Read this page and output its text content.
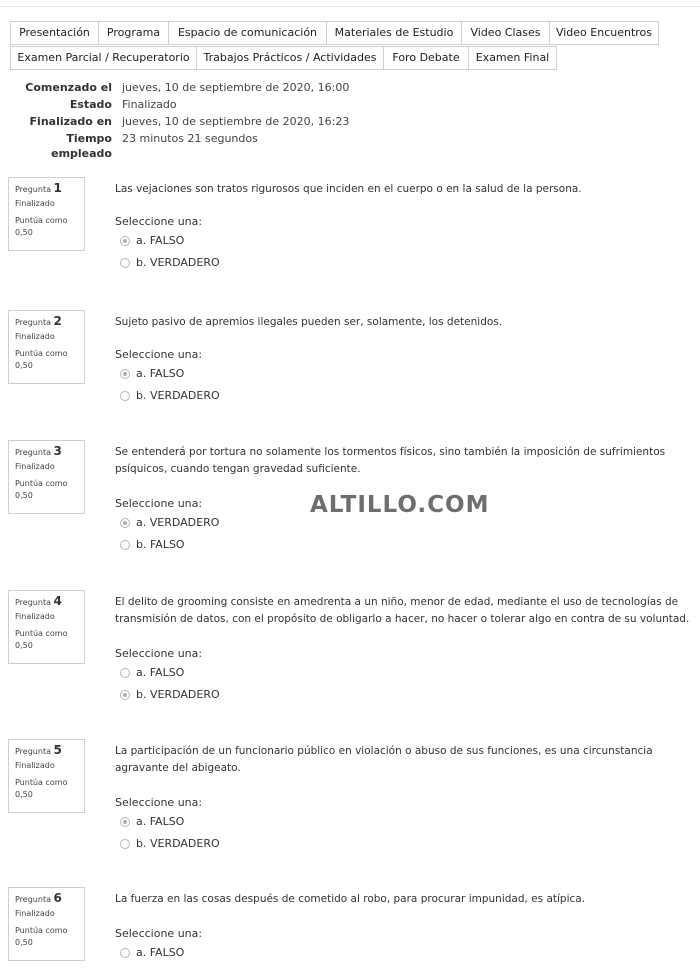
Presentación	Programa	Espacio de comunicación	Materiales de Estudio	Video Clases	Video Encuentros
Examen Parcial / Recuperatorio	Trabajos Prácticos / Actividades	Foro Debate	Examen Final
Comenzado el jueves, 10 de septiembre de 2020, 16:00
Estado Finalizado
Finalizado en jueves, 10 de septiembre de 2020, 16:23
Tiempo empleado
23 minutos 21 segundos
Pregunta 1
Finalizado
Puntúa como 0,50
Las vejaciones son tratos rigurosos que inciden en el cuerpo o en la salud de la persona.
Seleccione una:
a. FALSO
b. VERDADERO
Pregunta 2
Finalizado
Puntúa como 0,50
Sujeto pasivo de apremios ilegales pueden ser, solamente, los detenidos.
Seleccione una:
a. FALSO
b. VERDADERO
Pregunta 3
Finalizado
Puntúa como 0,50
Se entenderá por tortura no solamente los tormentos físicos, sino también la imposición de sufrimientos psíquicos, cuando tengan gravedad suficiente.
Seleccione una:
a. VERDADERO
b. FALSO
ALTILLO.COM
Pregunta 4
Finalizado
Puntúa como 0,50
El delito de grooming consiste en amedrenta a un niño, menor de edad, mediante el uso de tecnologías de transmisión de datos, con el propósito de obligarlo a hacer, no hacer o tolerar algo en contra de su voluntad.
Seleccione una:
a. FALSO
b. VERDADERO
Pregunta 5
Finalizado
Puntúa como 0,50
La participación de un funcionario público en violación o abuso de sus funciones, es una circunstancia agravante del abigeato.
Seleccione una:
a. FALSO
b. VERDADERO
Pregunta 6
Finalizado
Puntúa como 0,50
La fuerza en las cosas después de cometido al robo, para procurar impunidad, es atípica.
Seleccione una:
a. FALSO
